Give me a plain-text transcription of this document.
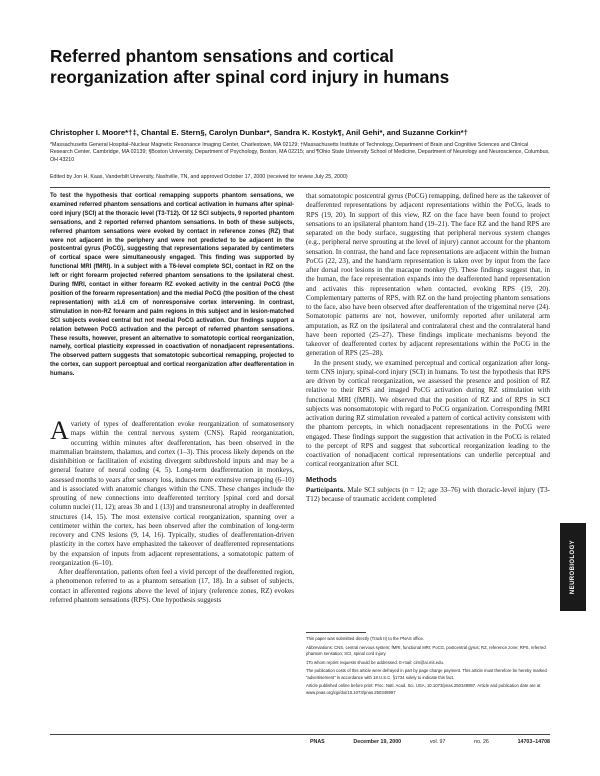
Referred phantom sensations and cortical reorganization after spinal cord injury in humans
Christopher I. Moore*†‡, Chantal E. Stern§, Carolyn Dunbar*, Sandra K. Kostyk¶, Anil Gehi*, and Suzanne Corkin*†
*Massachusetts General Hospital–Nuclear Magnetic Resonance Imaging Center, Charlestown, MA 02129; †Massachusetts Institute of Technology, Department of Brain and Cognitive Sciences and Clinical Research Center, Cambridge, MA 02139; §Boston University, Department of Psychology, Boston, MA 02215; and ¶Ohio State University School of Medicine, Department of Neurology and Neuroscience, Columbus, OH 43210
Edited by Jon H. Kaas, Vanderbilt University, Nashville, TN, and approved October 17, 2000 (received for review July 25, 2000)
To test the hypothesis that cortical remapping supports phantom sensations, we examined referred phantom sensations and cortical activation in humans after spinal-cord injury (SCI) at the thoracic level (T3-T12). Of 12 SCI subjects, 9 reported phantom sensations, and 2 reported referred phantom sensations. In both of these subjects, referred phantom sensations were evoked by contact in reference zones (RZ) that were not adjacent in the periphery and were not predicted to be adjacent in the postcentral gyrus (PoCG), suggesting that representations separated by centimeters of cortical space were simultaneously engaged. This finding was supported by functional MRI (fMRI). In a subject with a T6-level complete SCI, contact in RZ on the left or right forearm projected referred phantom sensations to the ipsilateral chest. During fMRI, contact in either forearm RZ evoked activity in the central PoCG (the position of the forearm representation) and the medial PoCG (the position of the chest representation) with ≥1.6 cm of nonresponsive cortex intervening. In contrast, stimulation in non-RZ forearm and palm regions in this subject and in lesion-matched SCI subjects evoked central but not medial PoCG activation. Our findings support a relation between PoCG activation and the percept of referred phantom sensations. These results, however, present an alternative to somatotopic cortical reorganization, namely, cortical plasticity expressed in coactivation of nonadjacent representations. The observed pattern suggests that somatotopic subcortical remapping, projected to the cortex, can support perceptual and cortical reorganization after deafferentation in humans.

Avariety of types of deafferentation evoke reorganization of somatosensory maps within the central nervous system (CNS). Rapid reorganization, occurring within minutes after deafferentation, has been observed in the mammalian brainstem, thalamus, and cortex (1–3). This process likely depends on the disinhibition or facilitation of existing divergent subthreshold inputs and may be a general feature of neural coding (4, 5). Long-term deafferentation in monkeys, assessed months to years after sensory loss, induces more extensive remapping (6–10) and is associated with anatomic changes within the CNS. These changes include the sprouting of new connections into deafferented territory [spinal cord and dorsal column nuclei (11, 12); areas 3b and 1 (13)] and transneuronal atrophy in deafferented structures (14, 15). The most extensive cortical reorganization, spanning over a centimeter within the cortex, has been observed after the combination of long-term recovery and CNS lesions (9, 14, 16). Typically, studies of deafferentation-driven plasticity in the cortex have emphasized the takeover of deafferented representations by the expansion of inputs from adjacent representations, a somatotopic pattern of reorganization (6–10).

After deafferentation, patients often feel a vivid percept of the deafferented region, a phenomenon referred to as a phantom sensation (17, 18). In a subset of subjects, contact in afferented regions above the level of injury (reference zones, RZ) evokes referred phantom sensations (RPS). One hypothesis suggests

that somatotopic postcentral gyrus (PoCG) remapping, defined here as the takeover of deafferented representations by adjacent representations within the PoCG, leads to RPS (19, 20). In support of this view, RZ on the face have been found to project sensations to an ipsilateral phantom hand (19–21). The face RZ and the hand RPS are separated on the body surface, suggesting that peripheral nervous system changes (e.g., peripheral nerve sprouting at the level of injury) cannot account for the phantom sensation. In contrast, the hand and face representations are adjacent within the human PoCG (22, 23), and the hand/arm representation is taken over by input from the face after dorsal root lesions in the macaque monkey (9). These findings suggest that, in the human, the face representation expands into the deafferented hand representation and activates this representation when contacted, evoking RPS (19, 20). Complementary patterns of RPS, with RZ on the hand projecting phantom sensations to the face, also have been observed after deafferentation of the trigeminal nerve (24). Somatotopic patterns are not, however, uniformly reported after unilateral arm amputation, as RZ on the ipsilateral and contralateral chest and the contralateral hand have been reported (25–27). These findings implicate mechanisms beyond the takeover of deafferented cortex by adjacent representations within the PoCG in the generation of RPS (25–28).

In the present study, we examined perceptual and cortical organization after long-term CNS injury, spinal-cord injury (SCI) in humans. To test the hypothesis that RPS are driven by cortical reorganization, we assessed the presence and position of RZ relative to their RPS and imaged PoCG activation during RZ stimulation with functional MRI (fMRI). We observed that the position of RZ and of RPS in SCI subjects was nonsomatotopic with regard to PoCG organization. Corresponding fMRI activation during RZ stimulation revealed a pattern of cortical activity consistent with the phantom percepts, in which nonadjacent representations in the PoCG were engaged. These findings support the suggestion that activation in the PoCG is related to the percept of RPS and suggest that subcortical reorganization leading to the coactivation of nonadjacent cortical representations can underlie perceptual and cortical reorganization after SCI.

Methods

Participants. Male SCI subjects (n = 12; age 33–76) with thoracic-level injury (T3-T12) because of traumatic accident completed

This paper was submitted directly (Track II) to the PNAS office.

Abbreviations: CNS, central nervous system; fMRI, functional MRI; PoCG, postcentral gyrus; RZ, reference zone; RPS, referred phantom sensation; SCI, spinal cord injury.

‡To whom reprint requests should be addressed. E-mail: cim@ai.mit.edu.

The publication costs of this article were defrayed in part by page charge payment. This article must therefore be hereby marked “advertisement” in accordance with 18 U.S.C. §1734 solely to indicate this fact.

Article published online before print: Proc. Natl. Acad. Sci. USA, 10.1073/pnas.250348997. Article and publication date are at www.pnas.org/cgi/doi/10.1073/pnas.250348997

NEUROBIOLOGY
PNAS	December 19, 2000	vol. 97	no. 26	14703–14708
